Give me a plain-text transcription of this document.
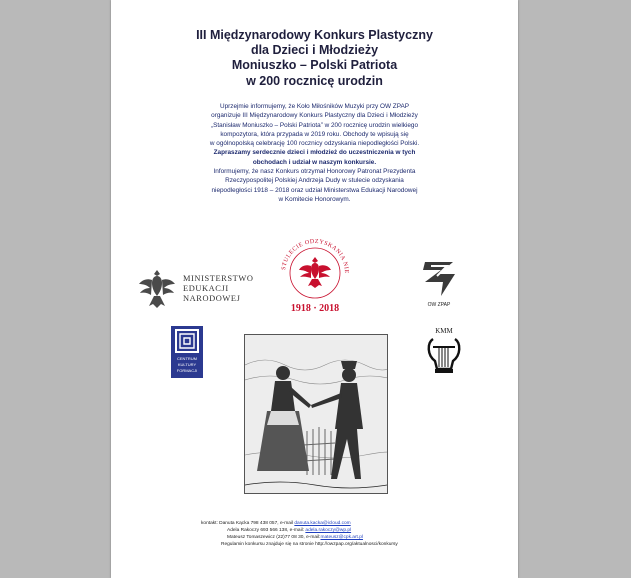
III Międzynarodowy Konkurs Plastyczny
dla Dzieci i Młodzieży
Moniuszko – Polski Patriota
w 200 rocznicę urodzin
Uprzejmie informujemy, że Koło Miłośników Muzyki przy OW ZPAP
organizuje III Międzynarodowy Konkurs Plastyczny dla Dzieci i Młodzieży
„Stanisław Moniuszko – Polski Patriota” w 200 rocznicę urodzin wielkiego
kompozytora, która przypada w 2019 roku. Obchody te wpisują się
w ogólnopolską celebrację 100 rocznicy odzyskania niepodległości Polski.
Zapraszamy serdecznie dzieci i młodzież do uczestniczenia w tych
obchodach i udział w naszym konkursie.
Informujemy, że nasz Konkurs otrzymał Honorowy Patronat Prezydenta
Rzeczypospolitej Polskiej Andrzeja Dudy w stulecie odzyskania
niepodległości 1918 – 2018 oraz udział Ministerstwa Edukacji Narodowej
w Komitecie Honorowym.
MINISTERSTWO
EDUKACJI
NARODOWEJ
STULECIE ODZYSKANIA NIE
1918 · 2018	OW ZPAP
CENTRUM
KULTURY
FORMACJI
KMM
kontakt: Danuta Kącka 798 438 057, e-mail danuta.kacka@icloud.com
Adela Rakoczy 693 566 138, e-mail: adela.rakoczy@wp.pl
Mateusz Tomaszewicz (22)77 08 30, e-mail:mateusz@cpk.art.pl
Regulamin konkursu znajduje się na stronie http://owzpap.org/aktualnosci/konkursy
